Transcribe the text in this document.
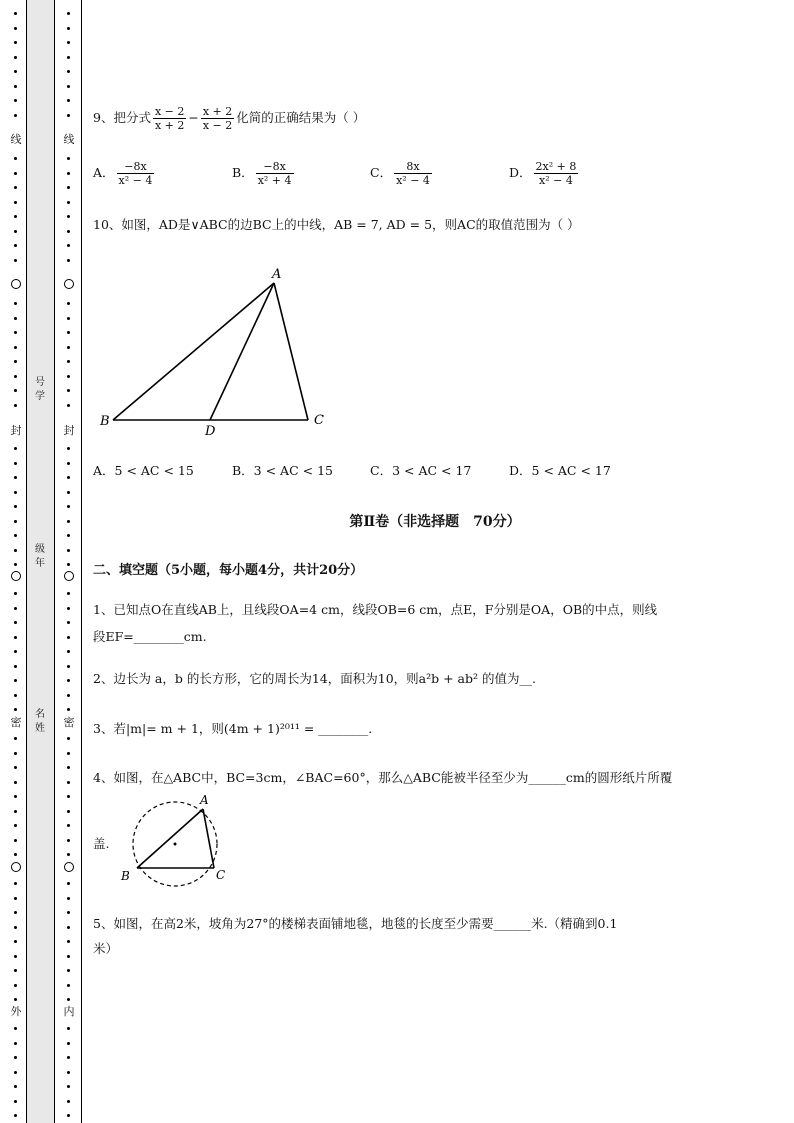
线
封
密
外
线
封
密
内
号学
级年
名姓
9、把分式 $\frac{x - 2}{x + 2} - \frac{x + 2}{x - 2}$ 化简的正确结果为（ ）
A． $\frac{-8x}{\text{x² − 4}}$	B． $\frac{-8x}{\text{x² + 4}}$	C． $\frac{8x}{\text{x² − 4}}$	D． $\frac{\text{2x² + 8}}{\text{x² − 4}}$
10、如图，AD是∨ABC的边BC上的中线，AB = 7, AD = 5，则AC的取值范围为（ ）
A
B	C
D
A．5 < AC < 15	B．3 < AC < 15	C．3 < AC < 17	D．5 < AC < 17
第Ⅱ卷（非选择题　70分）
二、填空题（5小题，每小题4分，共计20分）
1、已知点O在直线AB上，且线段OA=4 cm，线段OB=6 cm，点E，F分别是OA，OB的中点，则线
段EF=________cm.
2、边长为 a，b 的长方形，它的周长为14，面积为10，则a²b + ab² 的值为__.
3、若|m|= m + 1，则(4m + 1)²⁰¹¹ = ________.
4、如图，在△ABC中，BC=3cm，∠BAC=60°，那么△ABC能被半径至少为______cm的圆形纸片所覆
盖.
A
B	C
5、如图，在高2米，坡角为27°的楼梯表面铺地毯，地毯的长度至少需要______米.（精确到0.1
米）
